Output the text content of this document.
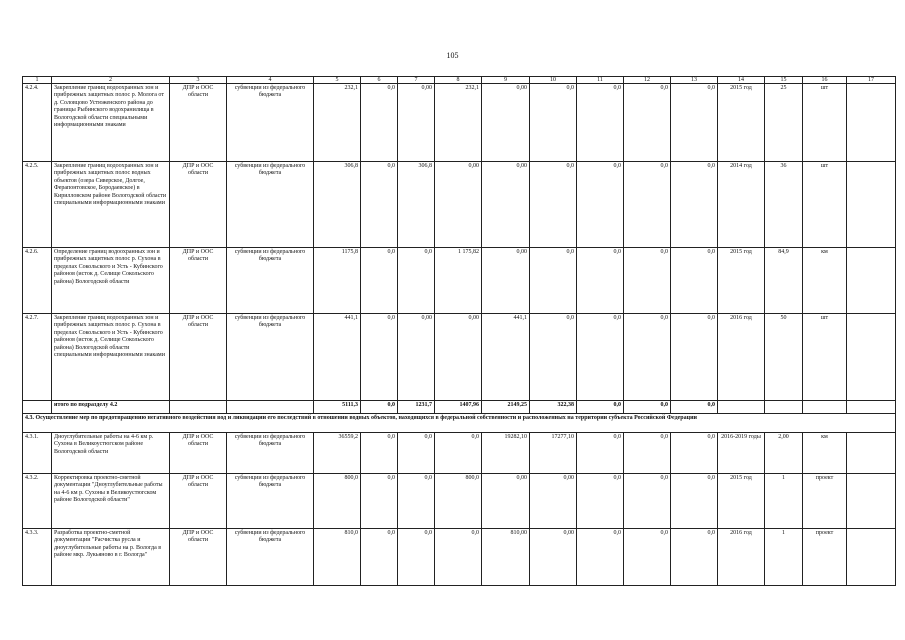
105
1	2	3	4	5	6	7	8	9	10	11	12	13	14	15	16	17
4.2.4.	Закрепление границ водоохранных зон и прибрежных защитных полос р. Молога от д. Соловцово Устюженского района до границы Рыбинского водохранилища в Вологодской области специальными информационными знаками	ДПР и ООС области	субвенции из федерального бюджета	232,1	0,0	0,00	232,1	0,00	0,0	0,0	0,0	0,0	2015 год	25	шт	
4.2.5.	Закрепление границ водоохранных зон и прибрежных защитных полос водных объектов (озера Сиверское, Долгое, Ферапонтовское, Бородаевское) в Кирилловском районе Вологодской области специальными информационными знаками	ДПР и ООС области	субвенции из федерального бюджета	306,8	0,0	306,8	0,00	0,00	0,0	0,0	0,0	0,0	2014 год	36	шт	
4.2.6.	Определение границ водоохранных зон и прибрежных защитных полос р. Сухона в пределах Сокольского и Усть - Кубинского районов (исток д. Селище Сокольского района) Вологодской области	ДПР и ООС области	субвенции из федерального бюджета	1175,8	0,0	0,0	1 175,82	0,00	0,0	0,0	0,0	0,0	2015 год	84,9	км	
4.2.7.	Закрепление границ водоохранных зон и прибрежных защитных полос р. Сухона в пределах Сокольского и Усть - Кубинского районов (исток д. Селище Сокольского района) Вологодской области специальными информационными знаками	ДПР и ООС области	субвенции из федерального бюджета	441,1	0,0	0,00	0,00	441,1	0,0	0,0	0,0	0,0	2016 год	50	шт	
	итого по подразделу 4.2			5111,3	0,0	1231,7	1407,96	2149,25	322,38	0,0	0,0	0,0				
4.3. Осуществление мер по предотвращению негативного воздействия вод и ликвидации его последствий в отношении водных объектов, находящихся в федеральной собственности и расположенных на территории субъекта Российской Федерации																
4.3.1.	Дноуглубительные работы на 4-6 км р. Сухона в Великоустюгском районе Вологодской области	ДПР и ООС области	субвенции из федерального бюджета	36559,2	0,0	0,0	0,0	19282,10	17277,10	0,0	0,0	0,0	2016-2019 годы	2,00	км	
4.3.2.	Корректировка проектно-сметной документации "Дноуглубительные работы на 4-6 км р. Сухоны в Великоустюгском районе Вологодской области"	ДПР и ООС области	субвенции из федерального бюджета	800,0	0,0	0,0	800,0	0,00	0,00	0,0	0,0	0,0	2015 год	1	проект	
4.3.3.	Разработка проектно-сметной документации "Расчистка русла и дноуглубительные работы на р. Вологда в районе мкр. Лукьяново в г. Вологда"	ДПР и ООС области	субвенции из федерального бюджета	810,0	0,0	0,0	0,0	810,00	0,00	0,0	0,0	0,0	2016 год	1	проект	
